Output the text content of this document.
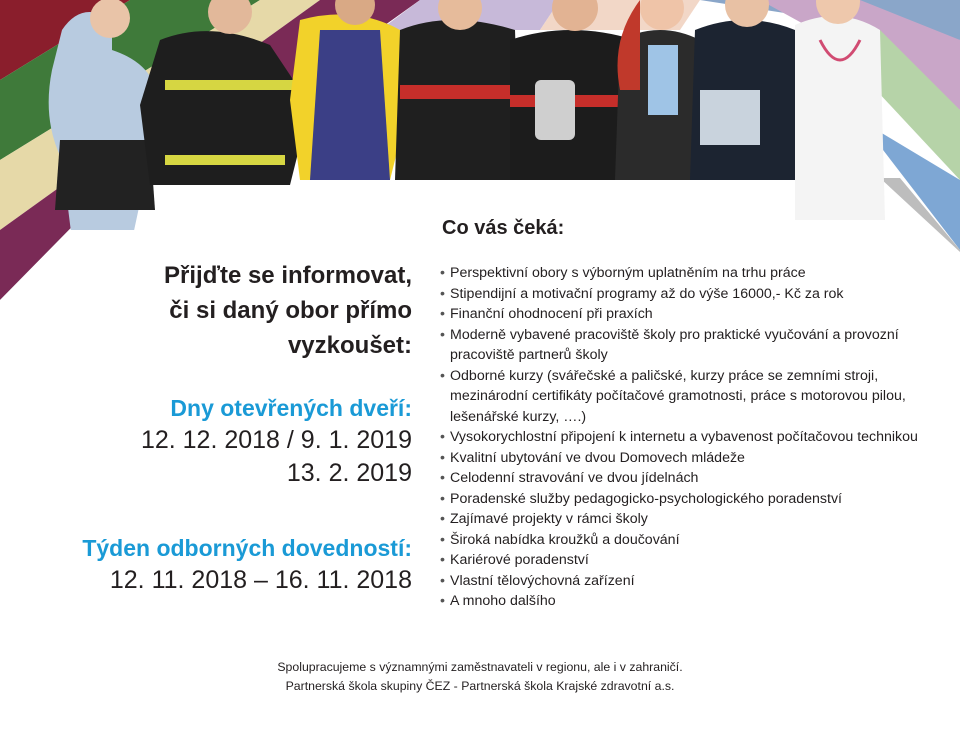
Přijďte se informovat,
či si daný obor přímo
vyzkoušet:
Dny otevřených dveří:
12. 12. 2018 / 9. 1. 2019
13. 2. 2019
Týden odborných dovedností:
12. 11. 2018 – 16. 11. 2018
Co vás čeká:
• Perspektivní obory s výborným uplatněním na trhu práce
• Stipendijní a motivační programy až do výše 16000,- Kč za rok
• Finanční ohodnocení při praxích
• Moderně vybavené pracoviště školy pro praktické vyučování a provozní pracoviště partnerů školy
• Odborné kurzy (svářečské a paličské, kurzy práce se zemními stroji, mezinárodní certifikáty počítačové gramotnosti, práce s motorovou pilou, lešenářské kurzy, ….)
• Vysokorychlostní připojení k internetu a vybavenost počítačovou technikou
• Kvalitní ubytování ve dvou Domovech mládeže
• Celodenní stravování ve dvou jídelnách
• Poradenské služby pedagogicko-psychologického poradenství
• Zajímavé projekty v rámci školy
• Široká nabídka kroužků a doučování
• Kariérové poradenství
• Vlastní tělovýchovná zařízení
• A mnoho dalšího
Spolupracujeme s významnými zaměstnavateli v regionu, ale i v zahraničí.
Partnerská škola skupiny ČEZ - Partnerská škola Krajské zdravotní a.s.
